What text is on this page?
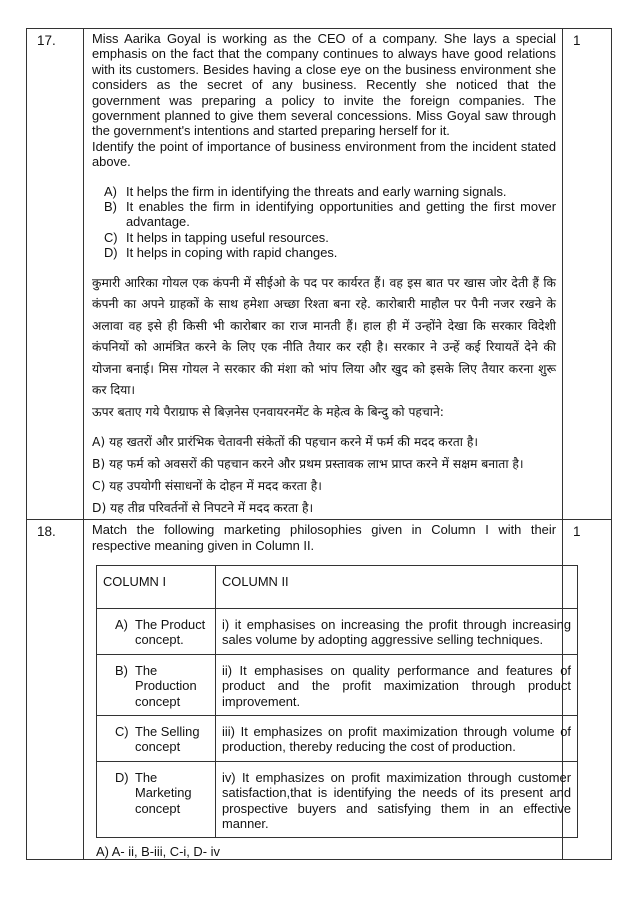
17.	Miss Aarika Goyal is working as the CEO of a company. She lays a special emphasis on the fact that the company continues to always have good relations with its customers. Besides having a close eye on the business environment she considers as the secret of any business. Recently she noticed that the government was preparing a policy to invite the foreign companies. The government planned to give them several concessions. Miss Goyal saw through the government's intentions and started preparing herself for it.

Identify the point of importance of business environment from the incident stated above.

A) It helps the firm in identifying the threats and early warning signals.
B) It enables the firm in identifying opportunities and getting the first mover advantage.
C) It helps in tapping useful resources.
D) It helps in coping with rapid changes.

कुमारी आरिका गोयल एक कंपनी में सीईओ के पद पर कार्यरत हैं। वह इस बात पर खास जोर देती हैं कि कंपनी का अपने ग्राहकों के साथ हमेशा अच्छा रिश्ता बना रहे. कारोबारी माहौल पर पैनी नजर रखने के अलावा वह इसे ही किसी भी कारोबार का राज मानती हैं। हाल ही में उन्होंने देखा कि सरकार विदेशी कंपनियों को आमंत्रित करने के लिए एक नीति तैयार कर रही है। सरकार ने उन्हें कई रियायतें देने की योजना बनाई। मिस गोयल ने सरकार की मंशा को भांप लिया और खुद को इसके लिए तैयार करना शुरू कर दिया।

ऊपर बताए गये पैराग्राफ से बिज़नेस एनवायरनमेंट के महेत्व के बिन्दु को पहचाने:

A) यह खतरों और प्रारंभिक चेतावनी संकेतों की पहचान करने में फर्म की मदद करता है।
B) यह फर्म को अवसरों की पहचान करने और प्रथम प्रस्तावक लाभ प्राप्त करने में सक्षम बनाता है।
C) यह उपयोगी संसाधनों के दोहन में मदद करता है।
D) यह तीव्र परिवर्तनों से निपटने में मदद करता है।
	1
18.	Match the following marketing philosophies given in Column I with their respective meaning given in Column II.
COLUMN I	COLUMN II

A) The Product concept.
	i) it emphasises on increasing the profit through increasing sales volume by adopting aggressive selling techniques.

B) The Production concept
	ii) It emphasises on quality performance and features of product and the profit maximization through product improvement.

C) The Selling concept
	iii) It emphasizes on profit maximization through volume of production, thereby reducing the cost of production.

D) The Marketing concept
	iv) It emphasizes on profit maximization through customer satisfaction,that is identifying the needs of its present and prospective buyers and satisfying them in an effective manner.
A) A- ii, B-iii, C-i, D- iv
	1
